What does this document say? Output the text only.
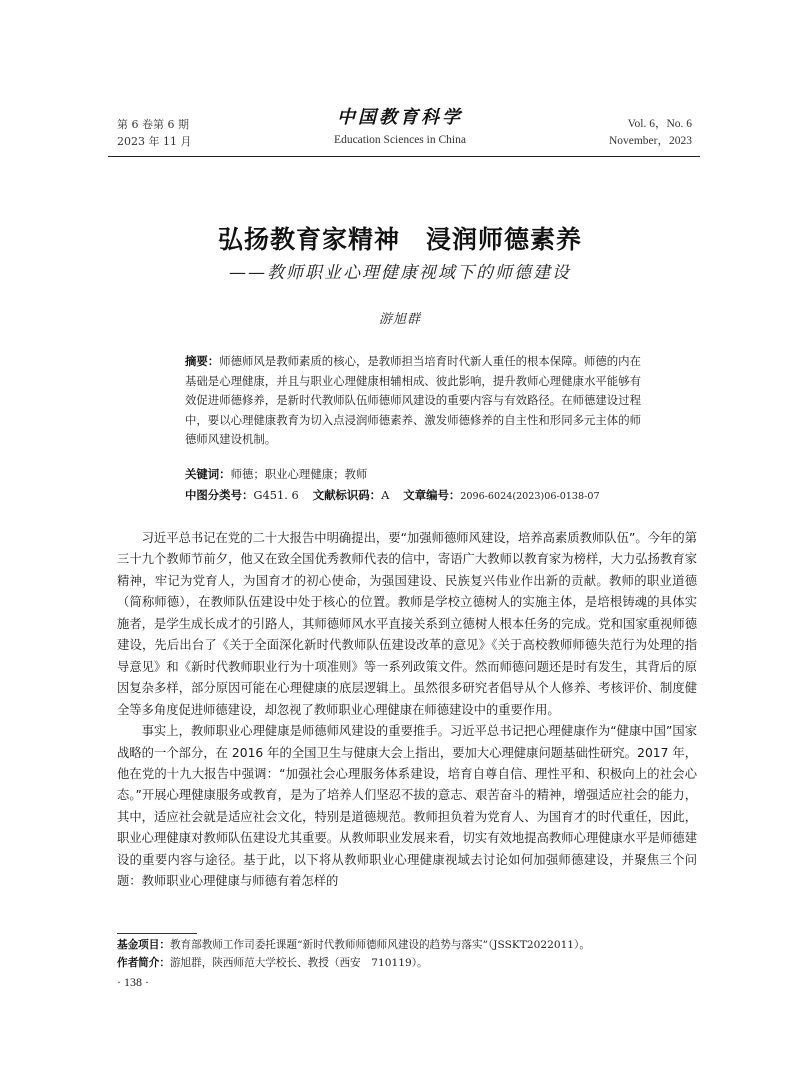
第 6 卷第 6 期
2023 年 11 月
中国教育科学
Education Sciences in China
Vol. 6，No. 6
November，2023
弘扬教育家精神　浸润师德素养
——教师职业心理健康视域下的师德建设
游旭群
摘要：师德师风是教师素质的核心，是教师担当培育时代新人重任的根本保障。师德的内在基础是心理健康，并且与职业心理健康相辅相成、彼此影响，提升教师心理健康水平能够有效促进师德修养，是新时代教师队伍师德师风建设的重要内容与有效路径。在师德建设过程中，要以心理健康教育为切入点浸润师德素养、激发师德修养的自主性和形同多元主体的师德师风建设机制。
关键词：师德；职业心理健康；教师
中图分类号：G451. 6 文献标识码：A 文章编号：2096-6024(2023)06-0138-07

习近平总书记在党的二十大报告中明确提出，要“加强师德师风建设，培养高素质教师队伍”。今年的第三十九个教师节前夕，他又在致全国优秀教师代表的信中，寄语广大教师以教育家为榜样，大力弘扬教育家精神，牢记为党育人，为国育才的初心使命，为强国建设、民族复兴伟业作出新的贡献。教师的职业道德（简称师德），在教师队伍建设中处于核心的位置。教师是学校立德树人的实施主体，是培根铸魂的具体实施者，是学生成长成才的引路人，其师德师风水平直接关系到立德树人根本任务的完成。党和国家重视师德建设，先后出台了《关于全面深化新时代教师队伍建设改革的意见》《关于高校教师师德失范行为处理的指导意见》和《新时代教师职业行为十项准则》等一系列政策文件。然而师德问题还是时有发生，其背后的原因复杂多样，部分原因可能在心理健康的底层逻辑上。虽然很多研究者倡导从个人修养、考核评价、制度健全等多角度促进师德建设，却忽视了教师职业心理健康在师德建设中的重要作用。

事实上，教师职业心理健康是师德师风建设的重要推手。习近平总书记把心理健康作为“健康中国”国家战略的一个部分，在 2016 年的全国卫生与健康大会上指出，要加大心理健康问题基础性研究。2017 年，他在党的十九大报告中强调：“加强社会心理服务体系建设，培育自尊自信、理性平和、积极向上的社会心态。”开展心理健康服务或教育，是为了培养人们坚忍不拔的意志、艰苦奋斗的精神，增强适应社会的能力，其中，适应社会就是适应社会文化，特别是道德规范。教师担负着为党育人、为国育才的时代重任，因此，职业心理健康对教师队伍建设尤其重要。从教师职业发展来看，切实有效地提高教师心理健康水平是师德建设的重要内容与途径。基于此，以下将从教师职业心理健康视域去讨论如何加强师德建设，并聚焦三个问题：教师职业心理健康与师德有着怎样的

基金项目：教育部教师工作司委托课题“新时代教师师德师风建设的趋势与落实”（JSSKT2022011）。
作者简介：游旭群，陕西师范大学校长、教授（西安　710119）。
· 138 ·
